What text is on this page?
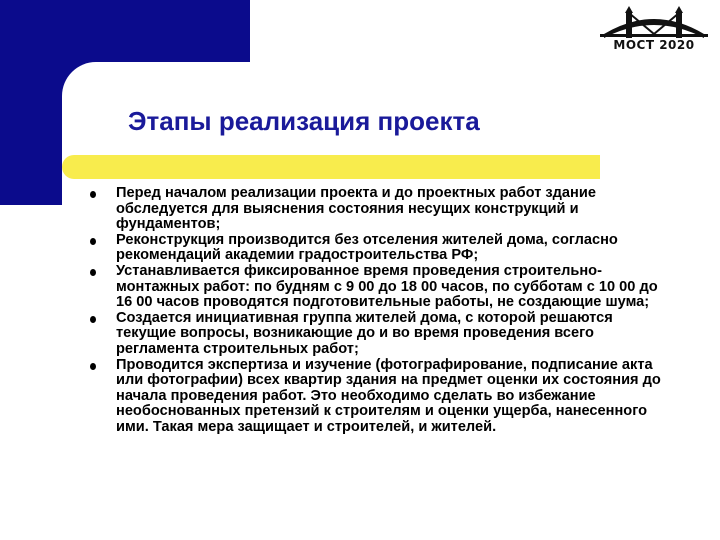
МОСТ 2020
Этапы реализация проекта
Перед началом реализации проекта и до проектных работ здание обследуется для выяснения состояния несущих конструкций и фундаментов;
Реконструкция производится без отселения жителей дома, согласно рекомендаций академии градостроительства РФ;
Устанавливается фиксированное время проведения строительно-монтажных работ: по будням с 9 00 до 18 00 часов, по субботам с 10 00 до 16 00 часов проводятся подготовительные работы, не создающие шума;
Создается инициативная группа жителей дома, с которой решаются текущие вопросы, возникающие до и во время проведения всего регламента строительных работ;
Проводится экспертиза и изучение (фотографирование, подписание акта или фотографии) всех квартир здания на предмет оценки их состояния до начала проведения работ. Это необходимо сделать во избежание необоснованных претензий к строителям и оценки ущерба, нанесенного ими. Такая мера защищает и строителей, и жителей.
